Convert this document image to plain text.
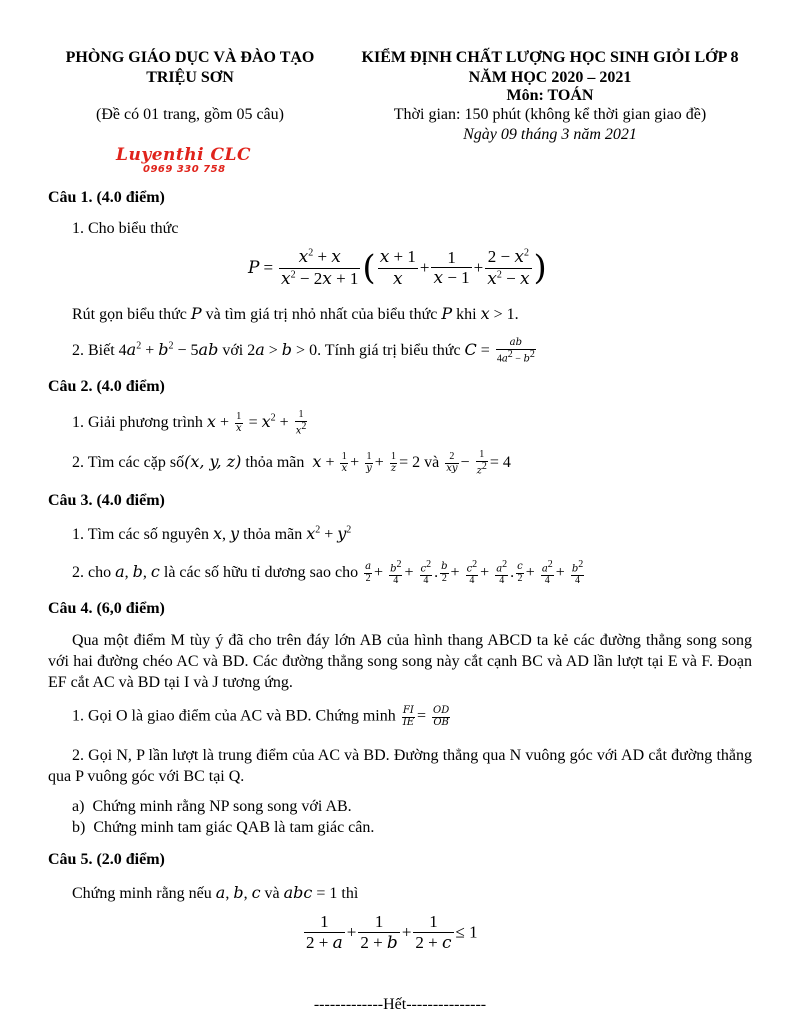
PHÒNG GIÁO DỤC VÀ ĐÀO TẠO
TRIỆU SƠN
(Đề có 01 trang, gồm 05 câu)
KIỂM ĐỊNH CHẤT LƯỢNG HỌC SINH GIỎI LỚP 8
NĂM HỌC 2020 – 2021
Môn: TOÁN
Thời gian: 150 phút (không kể thời gian giao đề)
Ngày 09 tháng 3 năm 2021
Luyenthi CLC
0969 330 758
Câu 1. (4.0 điểm)
1. Cho biểu thức
$P = \frac{x^2 + x}{x^2 - 2x + 1}$ ( $\frac{x + 1}{x} + \frac{1}{x - 1} + \frac{2 - x^2}{x^2 - x}$ )
Rút gọn biểu thức P và tìm giá trị nhỏ nhất của biểu thức P khi x > 1.
2. Biết $4a^2 + b^2 - 5ab$ với 2a > b > 0. Tính giá trị biểu thức $C = \frac{ab}{4a2 - b2}$
Câu 2. (4.0 điểm)
1. Giải phương trình $x + \frac{1}{x} = x^2 + \frac{1}{x2}$
2. Tìm các cặp số(x, y, z) thỏa mãn $x + \frac{1}{x} + \frac{1}{y} + \frac{1}{z} = 2$ và $\frac{2}{xy} - \frac{1}{z2} = 4$
Câu 3. (4.0 điểm)
1. Tìm các số nguyên x, y thỏa mãn $x^2 + y^2$
2. cho a, b, c là các số hữu tỉ dương sao cho $\frac{a}{2} + \frac{b2}{4} + \frac{c2}{4}$ . $\frac{b}{2} + \frac{c2}{4} + \frac{a2}{4}$ . $\frac{c}{2} + \frac{a2}{4} + \frac{b2}{4}$
Câu 4. (6,0 điểm)
Qua một điểm M tùy ý đã cho trên đáy lớn AB của hình thang ABCD ta kẻ các đường thẳng song song với hai đường chéo AC và BD. Các đường thẳng song song này cắt cạnh BC và AD lần lượt tại E và F. Đoạn EF cắt AC và BD tại I và J tương ứng.
1. Gọi O là giao điểm của AC và BD. Chứng minh $\frac{FI}{IE} = \frac{OD}{OB}$
2. Gọi N, P lần lượt là trung điểm của AC và BD. Đường thẳng qua N vuông góc với AD cắt đường thẳng qua P vuông góc với BC tại Q.
a) Chứng minh rằng NP song song với AB.
b) Chứng minh tam giác QAB là tam giác cân.
Câu 5. (2.0 điểm)
Chứng minh rằng nếu a, b, c và abc = 1 thì
$\frac{1}{2 + a} + \frac{1}{2 + b} + \frac{1}{2 + c} \le 1$
-------------Hết---------------
